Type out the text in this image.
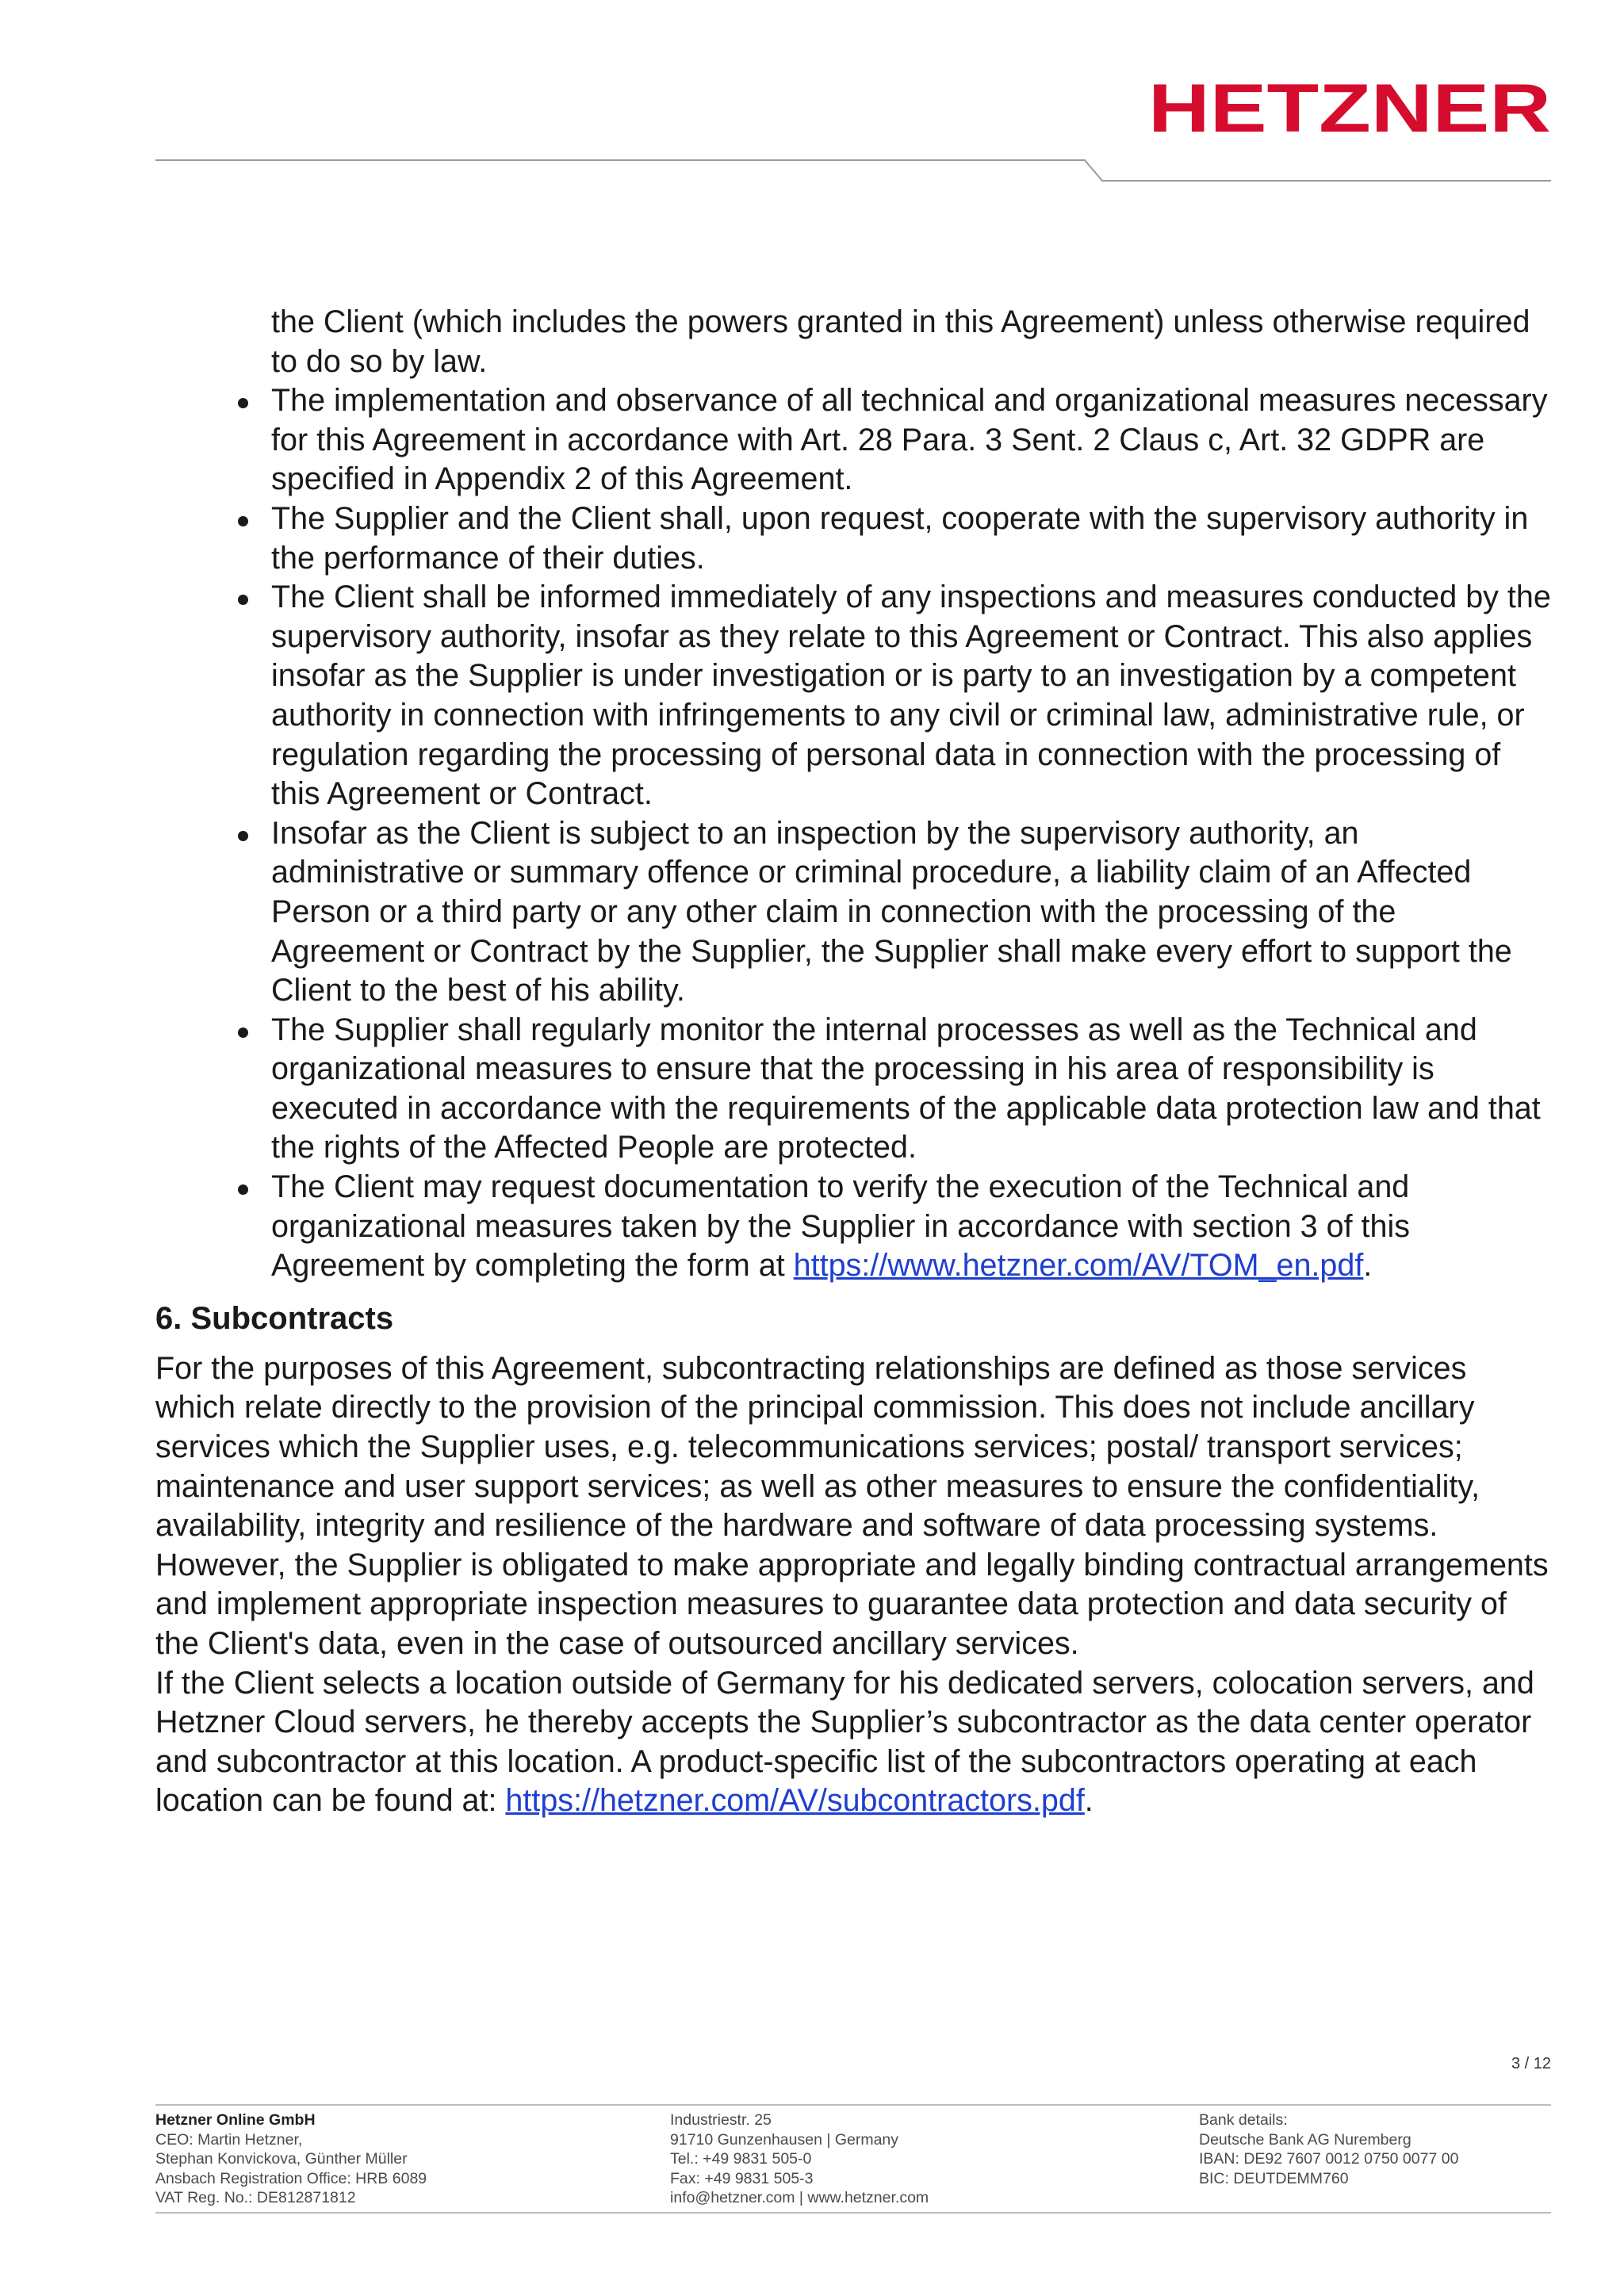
HETZNER
the Client (which includes the powers granted in this Agreement) unless otherwise required to do so by law.
The implementation and observance of all technical and organizational measures necessary for this Agreement in accordance with Art. 28 Para. 3 Sent. 2 Claus c, Art. 32 GDPR are specified in Appendix 2 of this Agreement.
The Supplier and the Client shall, upon request, cooperate with the supervisory authority in the performance of their duties.
The Client shall be informed immediately of any inspections and measures conducted by the supervisory authority, insofar as they relate to this Agreement or Contract. This also applies insofar as the Supplier is under investigation or is party to an investigation by a competent authority in connection with infringements to any civil or criminal law, administrative rule, or regulation regarding the processing of personal data in connection with the processing of this Agreement or Contract.
Insofar as the Client is subject to an inspection by the supervisory authority, an administrative or summary offence or criminal procedure, a liability claim of an Affected Person or a third party or any other claim in connection with the processing of the Agreement or Contract by the Supplier, the Supplier shall make every effort to support the Client to the best of his ability.
The Supplier shall regularly monitor the internal processes as well as the Technical and organizational measures to ensure that the processing in his area of responsibility is executed in accordance with the requirements of the applicable data protection law and that the rights of the Affected People are protected.
The Client may request documentation to verify the execution of the Technical and organizational measures taken by the Supplier in accordance with section 3 of this Agreement by completing the form at https://www.hetzner.com/AV/TOM_en.pdf.
6. Subcontracts

For the purposes of this Agreement, subcontracting relationships are defined as those services which relate directly to the provision of the principal commission. This does not include ancillary services which the Supplier uses, e.g. telecommunications services; postal/ transport services; maintenance and user support services; as well as other measures to ensure the confidentiality, availability, integrity and resilience of the hardware and software of data processing systems. However, the Supplier is obligated to make appropriate and legally binding contractual arrangements and implement appropriate inspection measures to guarantee data protection and data security of the Client's data, even in the case of outsourced ancillary services.

If the Client selects a location outside of Germany for his dedicated servers, colocation servers, and Hetzner Cloud servers, he thereby accepts the Supplier’s subcontractor as the data center operator and subcontractor at this location. A product-specific list of the subcontractors operating at each location can be found at: https://hetzner.com/AV/subcontractors.pdf.

3 / 12
Hetzner Online GmbH
CEO: Martin Hetzner,
Stephan Konvickova, Günther Müller
Ansbach Registration Office: HRB 6089
VAT Reg. No.: DE812871812
Industriestr. 25
91710 Gunzenhausen | Germany
Tel.: +49 9831 505-0
Fax: +49 9831 505-3
info@hetzner.com | www.hetzner.com
Bank details:
Deutsche Bank AG Nuremberg
IBAN: DE92 7607 0012 0750 0077 00
BIC: DEUTDEMM760
